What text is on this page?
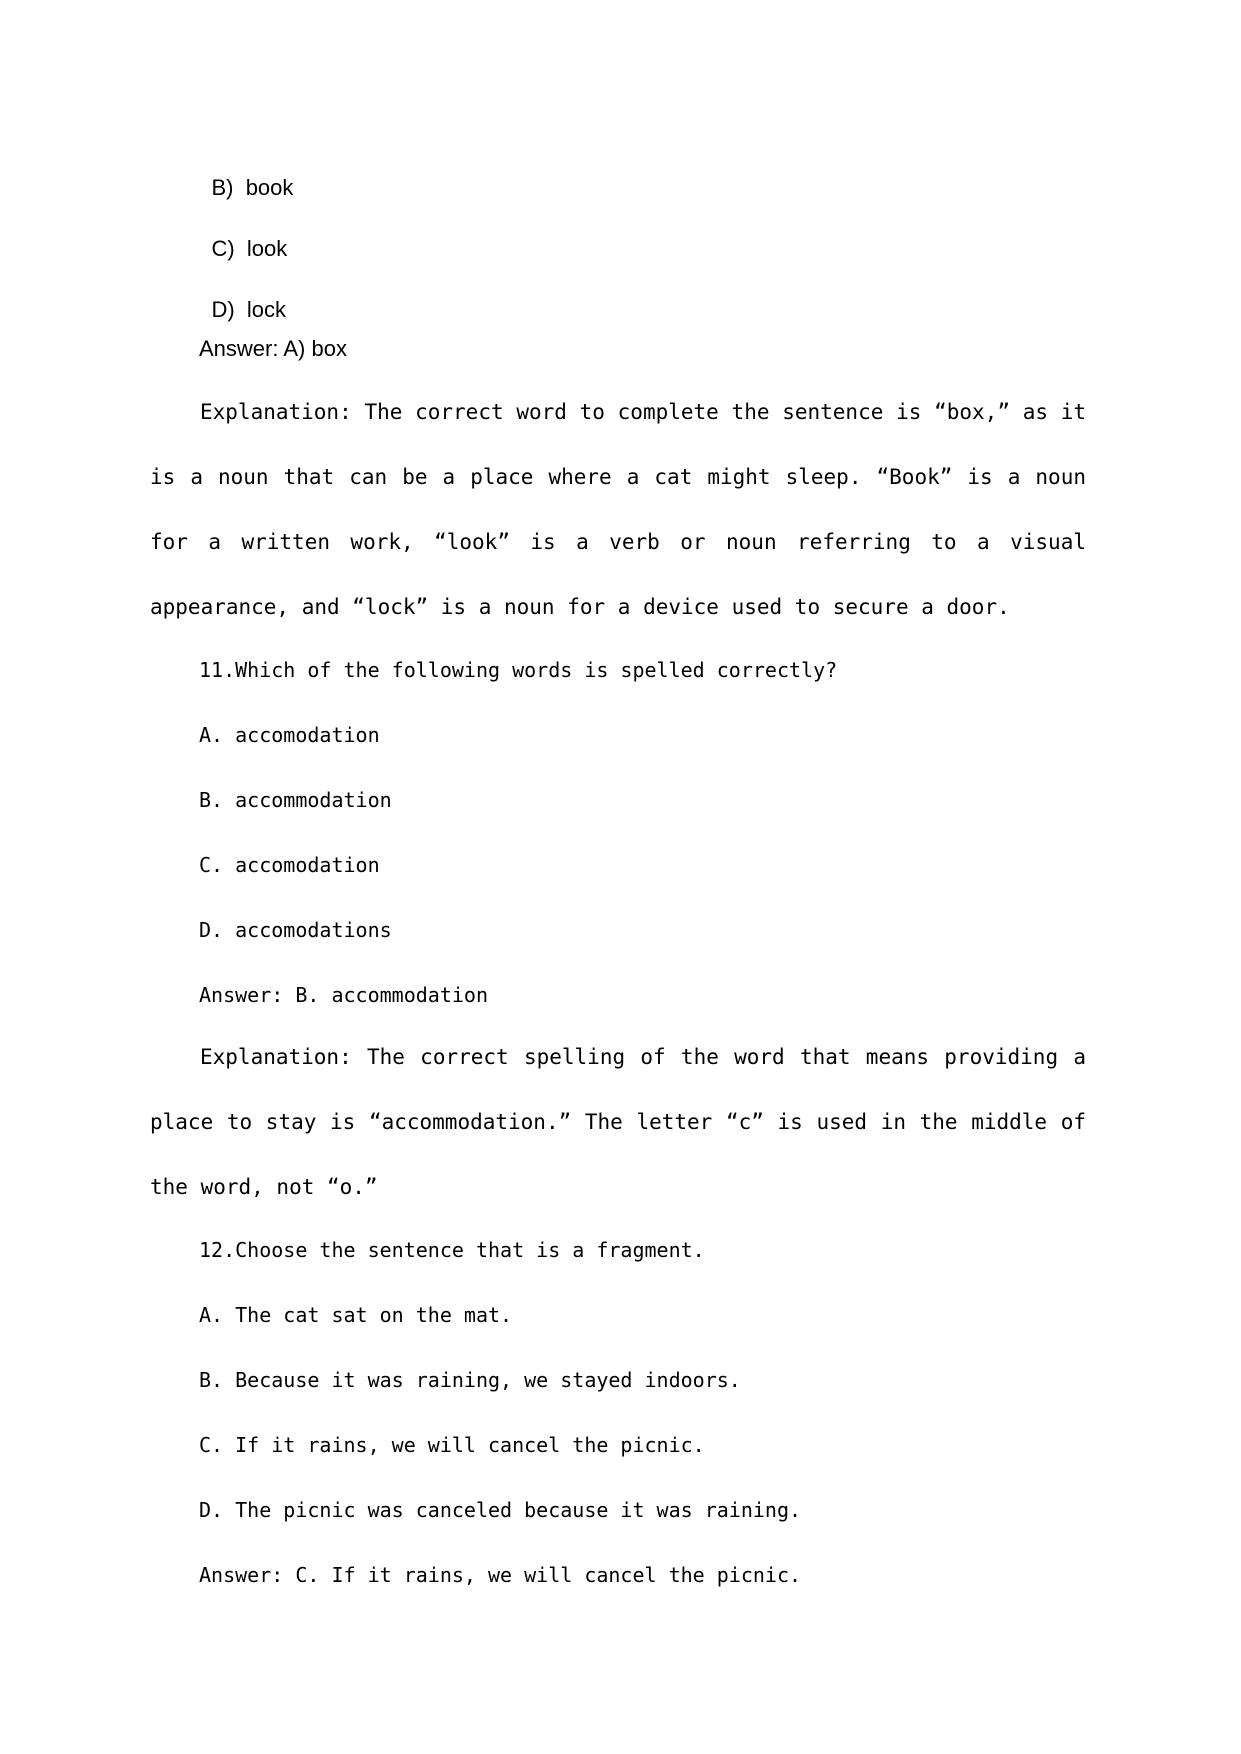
B) book

C) look

D) lock

Answer: A) box

Explanation: The correct word to complete the sentence is “box,” as it is a noun that can be a place where a cat might sleep. “Book” is a noun for a written work, “look” is a verb or noun referring to a visual appearance, and “lock” is a noun for a device used to secure a door.

11.Which of the following words is spelled correctly?
A. accomodation
B. accommodation
C. accomodation
D. accomodations
Answer: B. accommodation

Explanation: The correct spelling of the word that means providing a place to stay is “accommodation.” The letter “c” is used in the middle of the word, not “o.”

12.Choose the sentence that is a fragment.
A. The cat sat on the mat.
B. Because it was raining, we stayed indoors.
C. If it rains, we will cancel the picnic.
D. The picnic was canceled because it was raining.
Answer: C. If it rains, we will cancel the picnic.
